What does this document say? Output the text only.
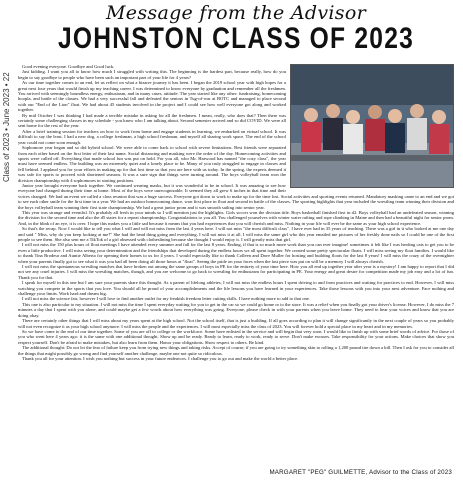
Class of 2023 • June 2023 • 22
Message from the Advisor
JOHNSTON CLASS OF 2023

Good evening everyone. Goodbye and Good luck.

Just kidding. I want you all to know how much I struggled with writing this. The beginning is the hardest part, because really, how do you begin to say goodbye to people who have been such an important part of your life for 4 years?

As our time together comes to an end, let us reflect on what a bizarre journey it has been. I began the 2019 school year with high hopes for a great next four years that would finish up my teaching career. I was determined to know everyone by graduation and remember all the freshmen. You arrived with seemingly boundless energy, enthusiasm, and in many cases, attitude. The year started like any other: fundraising, homecoming hoopla, and battle of the classes. We had a very successful fall and defeated the seniors in Tug-of-war at BOTC and managed to place second with our "End of the Lion" float. We had about 45 students involved in the project and I could see how well everyone got along and worked together.

By mid October I was thinking I had made a terrible mistake in asking for all the freshmen. I mean, really, who does that? Then there was certainly some challenging classes in my schedule - you know who I am talking about. Second semester arrived and so did COVID. We were all sent home for the rest of the year.

After a brief training session for teachers on how to work from home and engage students in learning, we embarked on virtual school. It was difficult to say the least. I had a new dog, a college freshman, a high school freshman, and myself all sharing work space. The end of the school year could not come soon enough.

Sophomore year began and so did hybrid school. We were able to come back to school with severe limitations. Best friends were separated from each other based on the first letter of their last name. Social distancing and masking were the order of the day. Homecoming activities and sports were called off. Everything that made school fun was put on hold. For you all, who Mr. Harwood has named "the cozy class", the year must have seemed endless. The building was an extremely quiet and a lonely place to be. Many of you truly struggled to engage in classes and fell behind. I applaud you for your efforts in making up for that lost time so that you are here with us today. In the spring, the experts deemed it was safe for sports to proceed with shortened seasons. It was a sure sign that things were turning around. The boys volleyball team won the division championship with 4 sophomores in starting positions.

Junior year brought everyone back together. We continued wearing masks, but it was wonderful to be in school. It was amazing to see how everyone had changed during their time at home. Most of the boys were unrecognizable. It seemed they all grew 6 inches in that time and their voices changed. We had an event we called a class reunion that was a huge success. Everyone got down to work to make up for the time lost. Social activities and sporting events returned. Mandatory masking came to an end and we got to see each other smile for the first time in a year. We had an outdoor homecoming dance, won first place in float and second in battle of the classes. The sporting highlights that year included the wrestling team winning their division and the boys volleyball team winning their first state championship. We had a great junior prom and it was smooth sailing into senior year.

This year was strange and eventful. It's probably all fresh in your minds so I will mention just the highlights. Girls soccer won the division title. Boys basketball finished first in d2. Boys volleyball had an undefeated season, winning the division for the second time and also the d5 states for a repeat championship. Congratulations to you all. You challenged yourselves with winter water rafting and rope climbing in Maine and then had a beautiful night for senior prom. And, in the blink of an eye, it is over. I hope this makes you a little sad because it means that you had experiences that you will cherish and miss. Nothing in your life will ever be the same as your high school experience.

So that's the recap. Now I would like to tell you what I will and will not miss from the last 4 years here. I will not miss "the most difficult class". I have ever had in 35 years of teaching. There was a girl in it who looked at me one day and said " Miss, why do you keep looking at me?" She had the head thing going and everything. I will not miss it at all. I will miss the same girl who this year emailed me pictures of her freshly done nails so I could be one of the first people to see them. She also sent me a TikTok of a girl obsessed with clotheslining because she thought I would enjoy it. I will greatly miss that girl.

I will not miss the 150 plus hours of float meetings I have attended every summer and fall for the last 8 years. Ending, if that is so much more work than you can ever imagine! sometimes it felt like I was herding cats to get you to be even a little productive. I will miss seeing your determination and the friendships that developed during the endless hours we all spent together. We created some pretty spectacular floats. I will miss seeing my float families. I would like to thank Tina Brodeur and Auntie Alberta for opening their homes to us for 4 years. I would especially like to thank Colleen and Dave Muller for hosting and building floats for the last 8 years! I will miss the crazy of the overnighter when your parents finally got to see what it was you had all been doing all those hours at "float". Seeing the pride on your faces when the last piece was put on will be a memory I will always cherish.

I will not miss the spontaneous wrestling matches that have broken out among the same groups of boys in PE for the entirety of your time here. How you all end up together year after year is a mystery! I am happy to report that I did not see any cruel injuries. I will miss the wrestling matches, though, and you are welcome to go back to wrestling for enthusiasm for participating in PE. Your energy and great desire for competition made my job easy and a lot of fun. Thank you for that.

I speak for myself in this one but I am sure your parents share this thought. As a parent of lifelong athletes, I will not miss the endless hours I spent driving to and from practices and waiting for practices to end. However, I will miss watching you compete in the sports that you love. You should all be proud of your accomplishments and the life lessons you have learned in your experiences. Take those lessons with you into your next adventure. Face nothing and challenge your limits. Work hard and dream big.

I will not miss the science fair, however I will love to find another outlet for my freakish freedom letter cutting skills. I have nothing more to add to that one.

This one is also particular to my situation. I will not miss the time I spent everyday waiting for you to get in the car so we could go home or to the store. It was a relief when you finally got your driver's license. However, I do miss the 7 minutes a day that I spent with you alone, and could maybe get a few words about how everything was going. Everyone, please check in with your parents when you leave home. They need to hear your voices and know that you are doing okay.

There are certainly other things that I will miss about my years spent at the high school. Not the school itself, that is just a building. If all goes according to plan it will change significantly in the next couple of years so you probably will not even recognize it as your high school anymore. I will miss the people and the experiences. I will most especially miss the class of 2023. You will forever hold a special place in my heart and in my memories.

So we have come to the end of our time together. Some of you are off to college or the workforce. Some have enlisted in the service and will begin that very soon. I would like to finish up with some brief words of advice. For those of you who went here 4 years ago: it is the same with one additional thought. Show up and be ready. Ready to learn, ready to work, ready to serve. Don't make excuses. Take responsibility for your actions. Make choices that show you respect yourself. Don't be afraid to make mistakes, but also learn from them. Honor your obligations. Show respect to others. Be kind.

The additional thought: Do not let the fear of failure keep you from trying new things and taking risks. Accept of course, if you are going to try something skin to rolling a 1,200 pound tire down a hill. Then I ask for you to consider all the things that might possibly go wrong and find yourself another challenge, maybe one not quite so ridiculous.

Thank you all for your attention. I wish you nothing but success in your future endeavors. I challenge you to go out and make the world a better place.

MARGARET "PEG" GUILMETTE, Advisor to the Class of 2023
